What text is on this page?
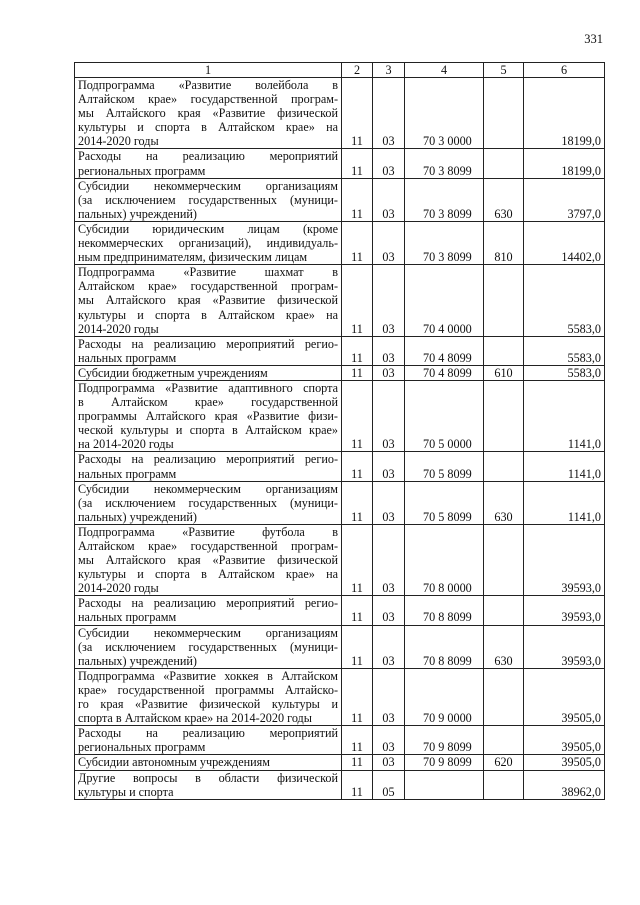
331
1	2	3	4	5	6

Подпрограмма «Развитие волейбола в
Алтайском крае» государственной програм-
мы Алтайского края «Развитие физической
культуры и спорта в Алтайском крае» на
2014-2020 годы	11	03	70 3 0000		18199,0

Расходы на реализацию мероприятий
региональных программ	11	03	70 3 8099		18199,0

Субсидии некоммерческим организациям
(за исключением государственных (муници-
пальных) учреждений)	11	03	70 3 8099	630	3797,0

Субсидии юридическим лицам (кроме
некоммерческих организаций), индивидуаль-
ным предпринимателям, физическим лицам	11	03	70 3 8099	810	14402,0

Подпрограмма «Развитие шахмат в
Алтайском крае» государственной програм-
мы Алтайского края «Развитие физической
культуры и спорта в Алтайском крае» на
2014-2020 годы	11	03	70 4 0000		5583,0

Расходы на реализацию мероприятий регио-
нальных программ	11	03	70 4 8099		5583,0

Субсидии бюджетным учреждениям	11	03	70 4 8099	610	5583,0

Подпрограмма «Развитие адаптивного спорта
в Алтайском крае» государственной
программы Алтайского края «Развитие физи-
ческой культуры и спорта в Алтайском крае»
на 2014-2020 годы	11	03	70 5 0000		1141,0

Расходы на реализацию мероприятий регио-
нальных программ	11	03	70 5 8099		1141,0

Субсидии некоммерческим организациям
(за исключением государственных (муници-
пальных) учреждений)	11	03	70 5 8099	630	1141,0

Подпрограмма «Развитие футбола в
Алтайском крае» государственной програм-
мы Алтайского края «Развитие физической
культуры и спорта в Алтайском крае» на
2014-2020 годы	11	03	70 8 0000		39593,0

Расходы на реализацию мероприятий регио-
нальных программ	11	03	70 8 8099		39593,0

Субсидии некоммерческим организациям
(за исключением государственных (муници-
пальных) учреждений)	11	03	70 8 8099	630	39593,0

Подпрограмма «Развитие хоккея в Алтайском
крае» государственной программы Алтайско-
го края «Развитие физической культуры и
спорта в Алтайском крае» на 2014-2020 годы	11	03	70 9 0000		39505,0

Расходы на реализацию мероприятий
региональных программ	11	03	70 9 8099		39505,0

Субсидии автономным учреждениям	11	03	70 9 8099	620	39505,0

Другие вопросы в области физической
культуры и спорта	11	05			38962,0
